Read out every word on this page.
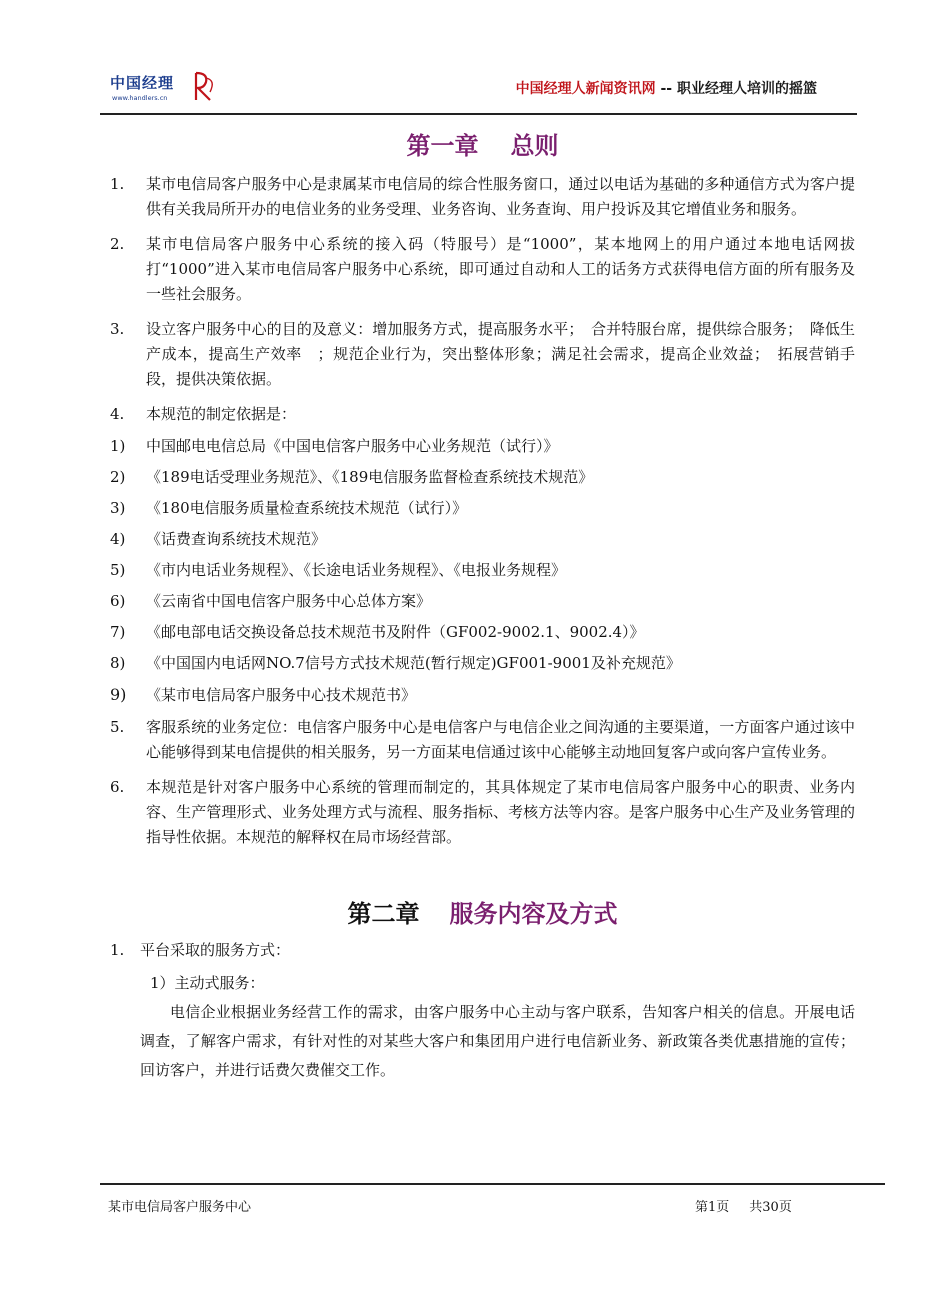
中国经理
www.handlers.cn
中国经理人新闻资讯网 -- 职业经理人培训的摇篮
第一章 总则

1. 某市电信局客户服务中心是隶属某市电信局的综合性服务窗口，通过以电话为基础的多种通信方式为客户提供有关我局所开办的电信业务的业务受理、业务咨询、业务查询、用户投诉及其它增值业务和服务。

2. 某市电信局客户服务中心系统的接入码（特服号）是“1000”，某本地网上的用户通过本地电话网拔打“1000”进入某市电信局客户服务中心系统，即可通过自动和人工的话务方式获得电信方面的所有服务及一些社会服务。

3. 设立客户服务中心的目的及意义：增加服务方式，提高服务水平；　合并特服台席，提供综合服务；　降低生产成本，提高生产效率　；规范企业行为，突出整体形象；满足社会需求，提高企业效益；　拓展营销手段，提供决策依据。

4. 本规范的制定依据是：

1) 中国邮电电信总局《中国电信客户服务中心业务规范（试行）》
2) 《189电话受理业务规范》、《189电信服务监督检查系统技术规范》
3) 《180电信服务质量检查系统技术规范（试行）》
4) 《话费查询系统技术规范》
5) 《市内电话业务规程》、《长途电话业务规程》、《电报业务规程》
6) 《云南省中国电信客户服务中心总体方案》
7) 《邮电部电话交换设备总技术规范书及附件（GF002-9002.1、9002.4）》
8) 《中国国内电话网NO.7信号方式技术规范(暂行规定)GF001-9001及补充规范》
9) 《某市电信局客户服务中心技术规范书》

5. 客服系统的业务定位：电信客户服务中心是电信客户与电信企业之间沟通的主要渠道，一方面客户通过该中心能够得到某电信提供的相关服务，另一方面某电信通过该中心能够主动地回复客户或向客户宣传业务。

6. 本规范是针对客户服务中心系统的管理而制定的，其具体规定了某市电信局客户服务中心的职责、业务内容、生产管理形式、业务处理方式与流程、服务指标、考核方法等内容。是客户服务中心生产及业务管理的指导性依据。本规范的解释权在局市场经营部。

第二章 服务内容及方式

1. 平台采取的服务方式：

1）主动式服务：

电信企业根据业务经营工作的需求，由客户服务中心主动与客户联系，告知客户相关的信息。开展电话调查，了解客户需求，有针对性的对某些大客户和集团用户进行电信新业务、新政策各类优惠措施的宣传；回访客户，并进行话费欠费催交工作。

某市电信局客户服务中心	第1页 共30页
